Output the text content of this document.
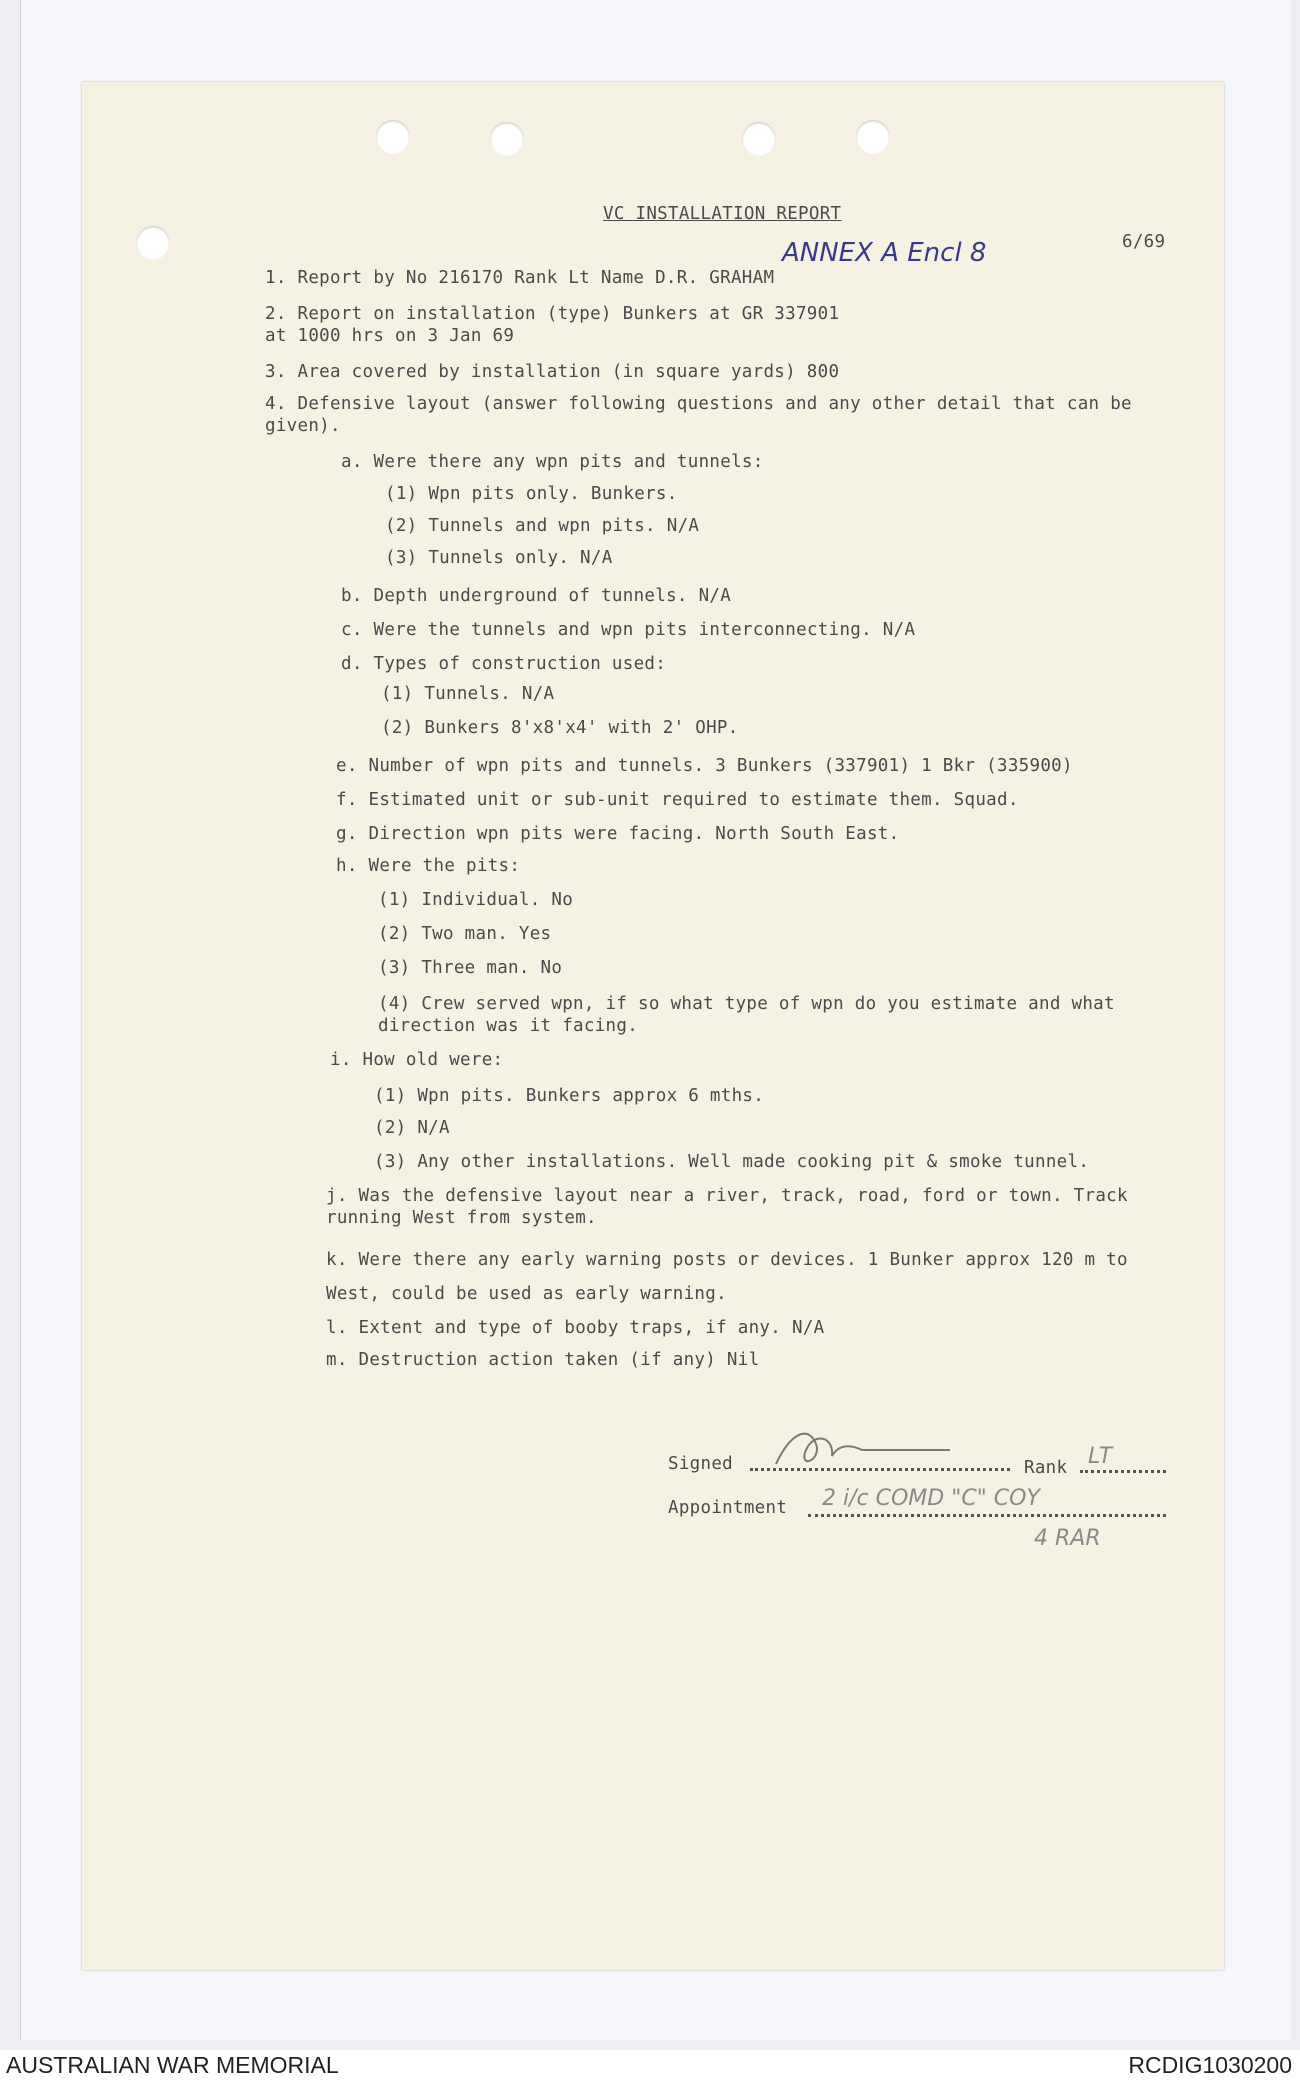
VC INSTALLATION REPORT
ANNEX A Encl 8	6/69
1. Report by No 216170 Rank Lt Name D.R. GRAHAM
2. Report on installation (type) Bunkers at GR 337901
at 1000 hrs on 3 Jan 69
3. Area covered by installation (in square yards) 800
4. Defensive layout (answer following questions and any other detail that can be
given).
a. Were there any wpn pits and tunnels:
(1) Wpn pits only. Bunkers.
(2) Tunnels and wpn pits. N/A
(3) Tunnels only. N/A
b. Depth underground of tunnels. N/A
c. Were the tunnels and wpn pits interconnecting. N/A
d. Types of construction used:
(1) Tunnels. N/A
(2) Bunkers 8'x8'x4' with 2' OHP.
e. Number of wpn pits and tunnels. 3 Bunkers (337901) 1 Bkr (335900)
f. Estimated unit or sub-unit required to estimate them. Squad.
g. Direction wpn pits were facing. North South East.
h. Were the pits:
(1) Individual. No
(2) Two man. Yes
(3) Three man. No
(4) Crew served wpn, if so what type of wpn do you estimate and what
direction was it facing.
i. How old were:
(1) Wpn pits. Bunkers approx 6 mths.
(2) N/A
(3) Any other installations. Well made cooking pit & smoke tunnel.
j. Was the defensive layout near a river, track, road, ford or town. Track
running West from system.
k. Were there any early warning posts or devices. 1 Bunker approx 120 m to
West, could be used as early warning.
l. Extent and type of booby traps, if any. N/A
m. Destruction action taken (if any) Nil
Signed	Rank LT
Appointment 2 i/c COMD "C" COY
4 RAR
AUSTRALIAN WAR MEMORIAL	RCDIG1030200
